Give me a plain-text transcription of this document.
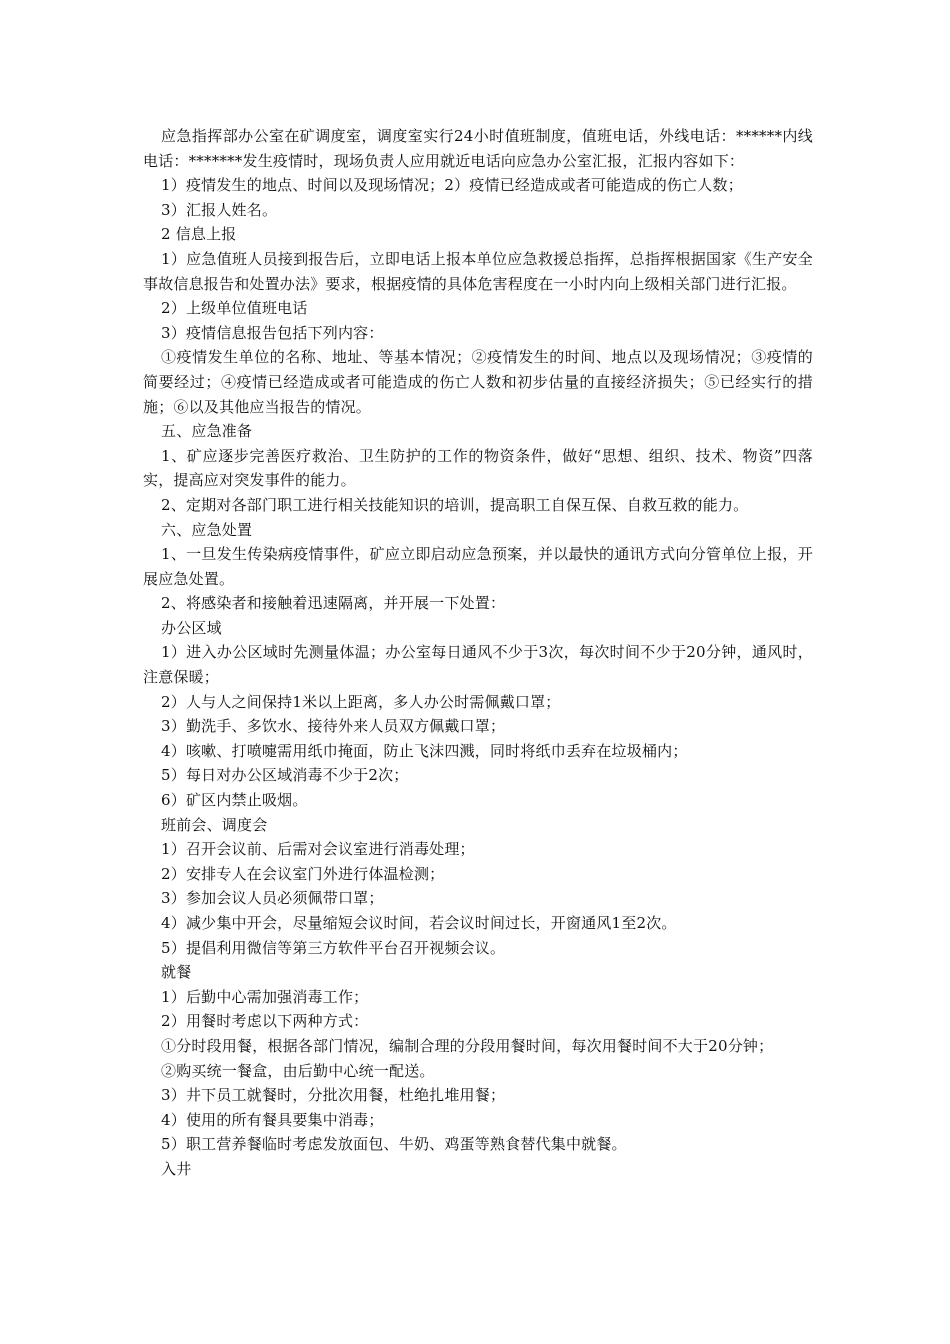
应急指挥部办公室在矿调度室，调度室实行24小时值班制度，值班电话，外线电话：******内线电话：*******发生疫情时，现场负责人应用就近电话向应急办公室汇报，汇报内容如下：

1）疫情发生的地点、时间以及现场情况；2）疫情已经造成或者可能造成的伤亡人数；

3）汇报人姓名。

2 信息上报

1）应急值班人员接到报告后，立即电话上报本单位应急救援总指挥，总指挥根据国家《生产安全事故信息报告和处置办法》要求，根据疫情的具体危害程度在一小时内向上级相关部门进行汇报。

2）上级单位值班电话

3）疫情信息报告包括下列内容：

①疫情发生单位的名称、地址、等基本情况；②疫情发生的时间、地点以及现场情况；③疫情的简要经过；④疫情已经造成或者可能造成的伤亡人数和初步估量的直接经济损失；⑤已经实行的措施；⑥以及其他应当报告的情况。

五、应急准备

1、矿应逐步完善医疗救治、卫生防护的工作的物资条件，做好“思想、组织、技术、物资”四落实，提高应对突发事件的能力。

2、定期对各部门职工进行相关技能知识的培训，提高职工自保互保、自救互救的能力。

六、应急处置

1、一旦发生传染病疫情事件，矿应立即启动应急预案，并以最快的通讯方式向分管单位上报，开展应急处置。

2、将感染者和接触着迅速隔离，并开展一下处置：

办公区域

1）进入办公区域时先测量体温；办公室每日通风不少于3次，每次时间不少于20分钟，通风时，注意保暖；

2）人与人之间保持1米以上距离，多人办公时需佩戴口罩；

3）勤洗手、多饮水、接待外来人员双方佩戴口罩；

4）咳嗽、打喷嚏需用纸巾掩面，防止飞沫四溅，同时将纸巾丢弃在垃圾桶内；

5）每日对办公区域消毒不少于2次；

6）矿区内禁止吸烟。

班前会、调度会

1）召开会议前、后需对会议室进行消毒处理；

2）安排专人在会议室门外进行体温检测；

3）参加会议人员必须佩带口罩；

4）减少集中开会，尽量缩短会议时间，若会议时间过长，开窗通风1至2次。

5）提倡利用微信等第三方软件平台召开视频会议。

就餐

1）后勤中心需加强消毒工作；

2）用餐时考虑以下两种方式：

①分时段用餐，根据各部门情况，编制合理的分段用餐时间，每次用餐时间不大于20分钟；

②购买统一餐盒，由后勤中心统一配送。

3）井下员工就餐时，分批次用餐，杜绝扎堆用餐；

4）使用的所有餐具要集中消毒；

5）职工营养餐临时考虑发放面包、牛奶、鸡蛋等熟食替代集中就餐。

入井
